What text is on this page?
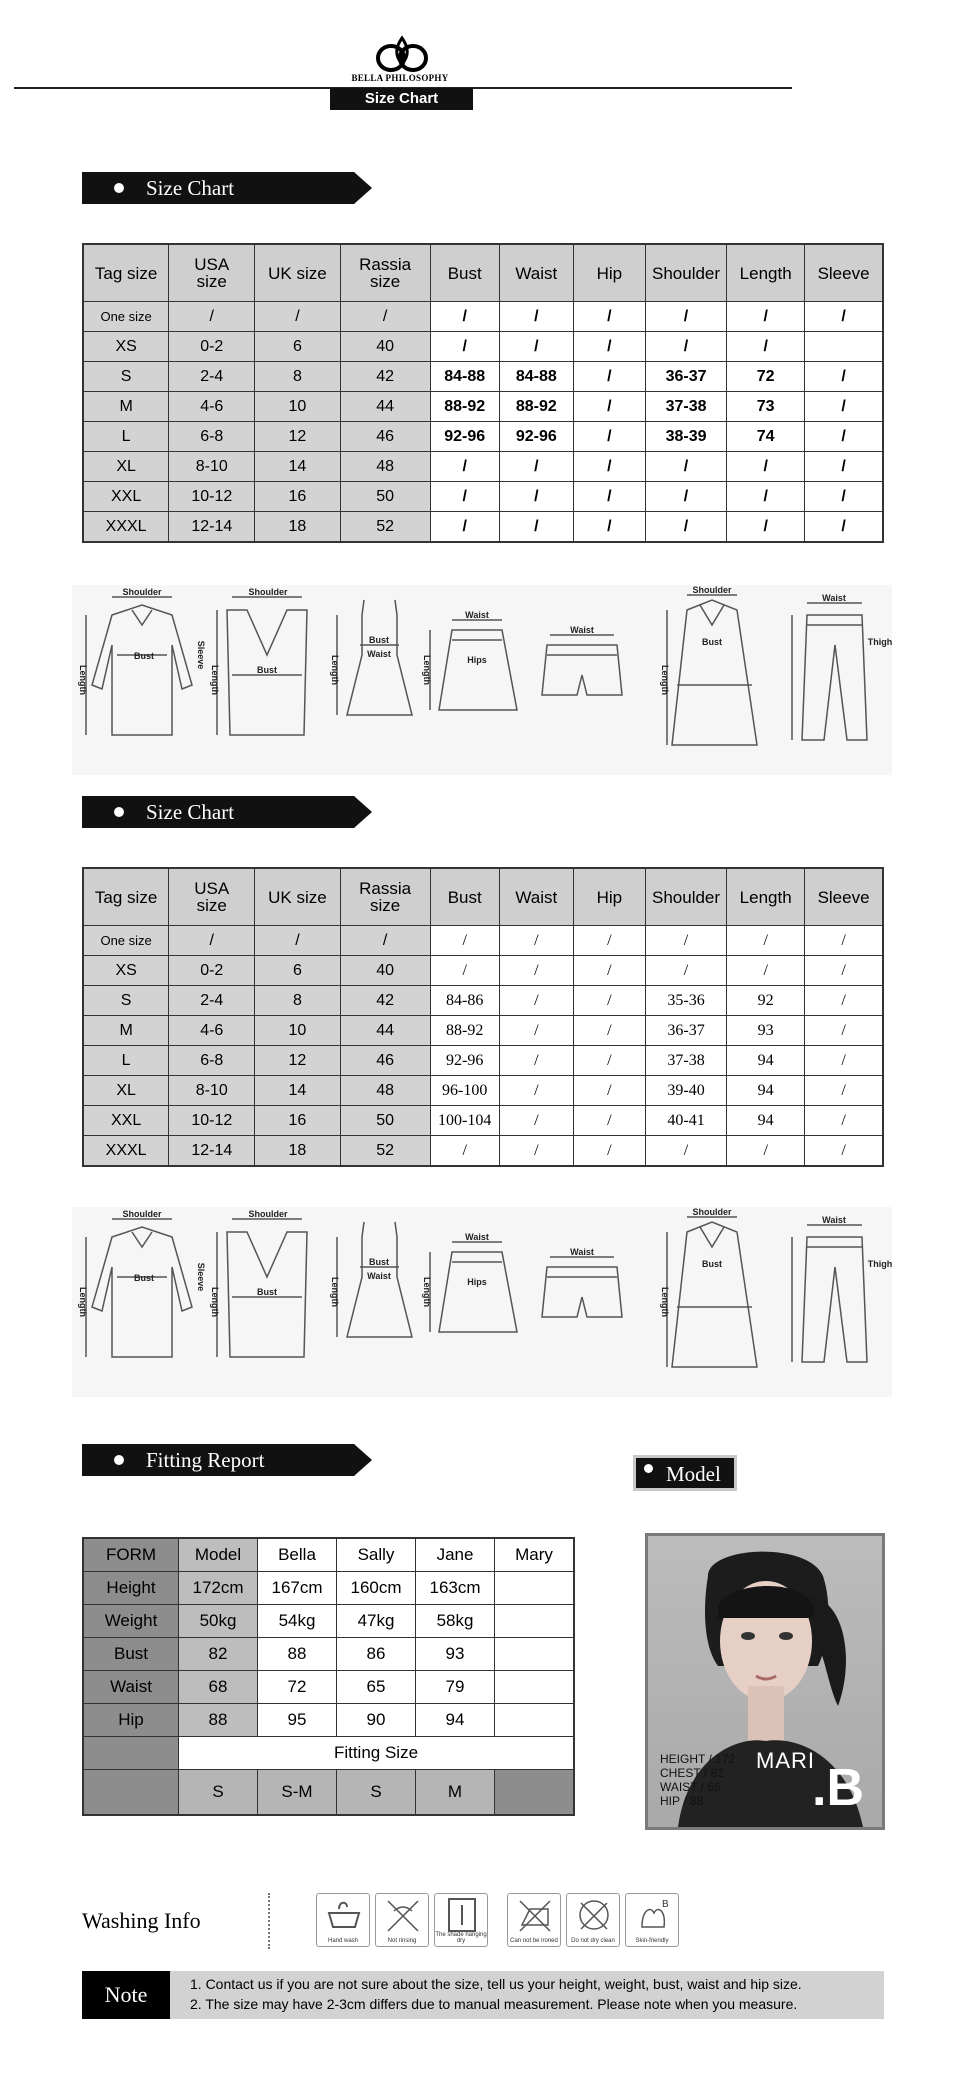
BELLA PHILOSOPHY
Size Chart
Size Chart
Tag size	USA size	UK size	Rassia size	Bust	Waist	Hip	Shoulder	Length	Sleeve
One size	/	/	/	/	/	/	/	/	/
XS	0-2	6	40	/	/	/	/	/	
S	2-4	8	42	84-88	84-88	/	36-37	72	/
M	4-6	10	44	88-92	88-92	/	37-38	73	/
L	6-8	12	46	92-96	92-96	/	38-39	74	/
XL	8-10	14	48	/	/	/	/	/	/
XXL	10-12	16	50	/	/	/	/	/	/
XXXL	12-14	18	52	/	/	/	/	/	/
Shoulder
Bust	Sleeve
Length
Shoulder
Bust
Length
Bust
Waist
Length
Waist
Hips
Length
Waist
Shoulder
Bust
Length
Waist
Thigh
Size Chart
Tag size	USA size	UK size	Rassia size	Bust	Waist	Hip	Shoulder	Length	Sleeve
One size	/	/	/	/	/	/	/	/	/
XS	0-2	6	40	/	/	/	/	/	/
S	2-4	8	42	84-86	/	/	35-36	92	/
M	4-6	10	44	88-92	/	/	36-37	93	/
L	6-8	12	46	92-96	/	/	37-38	94	/
XL	8-10	14	48	96-100	/	/	39-40	94	/
XXL	10-12	16	50	100-104	/	/	40-41	94	/
XXXL	12-14	18	52	/	/	/	/	/	/
Shoulder
Bust	Sleeve
Length
Shoulder
Bust
Length
Bust
Waist
Length
Waist
Hips
Length
Waist
Shoulder
Bust
Length
Waist
Thigh
Fitting Report
FORM	Model	Bella	Sally	Jane	Mary
Height	172cm	167cm	160cm	163cm	
Weight	50kg	54kg	47kg	58kg	
Bust	82	88	86	93	
Waist	68	72	65	79	
Hip	88	95	90	94	
	Fitting Size				
	S	S-M	S	M	
Model
HEIGHT / 172
CHEST / 82
WAIST / 66
HIP / 88
MARI
.B
Washing Info
Hand wash	Not rinsing
The shade hanging dry	Can not be ironed	Do not dry clean
B
Skin-friendly
Note	1. Contact us if you are not sure about the size, tell us your height, weight, bust, waist and hip size.
2. The size may have 2-3cm differs due to manual measurement. Please note when you measure.
